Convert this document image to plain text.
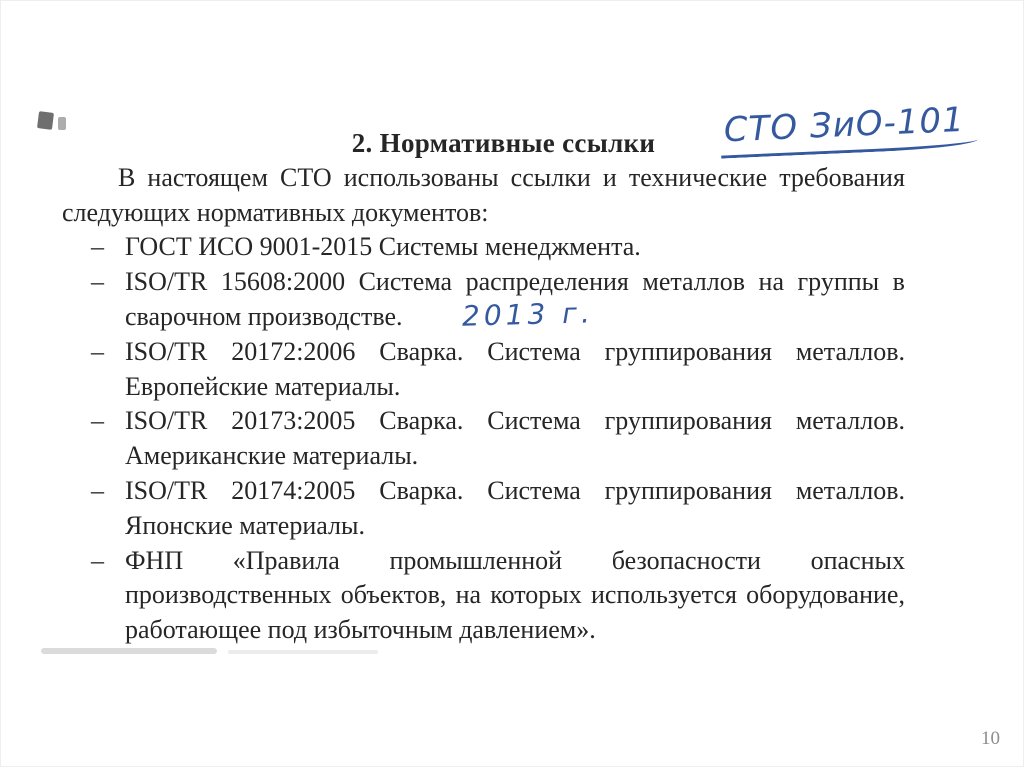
2. Нормативные ссылки
В настоящем СТО использованы ссылки и технические требования
следующих нормативных документов:
– ГОСТ ИСО 9001-2015 Системы менеджмента.
– ISO/TR 15608:2000 Система распределения металлов на группы в
сварочном производстве.
– ISO/TR 20172:2006 Сварка. Система группирования металлов.
Европейские материалы.
– ISO/TR 20173:2005 Сварка. Система группирования металлов.
Американские материалы.
– ISO/TR 20174:2005 Сварка. Система группирования металлов.
Японские материалы.
– ФНП «Правила промышленной безопасности опасных
производственных объектов, на которых используется оборудование,
работающее под избыточным давлением».
СТО ЗиО-101
2013 г.
10
